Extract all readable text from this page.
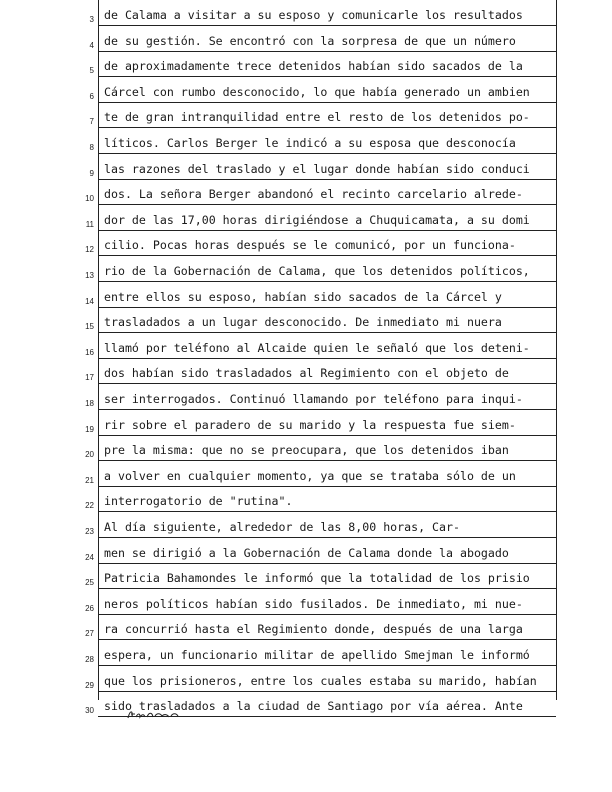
de Calama a visitar a su esposo y comunicarle los resultados
3
de su gestión. Se encontró con la sorpresa de que un número
4
de aproximadamente trece detenidos habían sido sacados de la
5
Cárcel con rumbo desconocido, lo que había generado un ambien
6
te de gran intranquilidad entre el resto de los detenidos po-
7
líticos. Carlos Berger le indicó a su esposa que desconocía
8
las razones del traslado y el lugar donde habían sido conduci
9
dos. La señora Berger abandonó el recinto carcelario alrede-
10
dor de las 17,00 horas dirigiéndose a Chuquicamata, a su domi
11
cilio. Pocas horas después se le comunicó, por un funciona-
12
rio de la Gobernación de Calama, que los detenidos políticos,
13
entre ellos su esposo, habían sido sacados de la Cárcel y
14
trasladados a un lugar desconocido. De inmediato mi nuera
15
llamó por teléfono al Alcaide quien le señaló que los deteni-
16
dos habían sido trasladados al Regimiento con el objeto de
17
ser interrogados. Continuó llamando por teléfono para inqui-
18
rir sobre el paradero de su marido y la respuesta fue siem-
19
pre la misma: que no se preocupara, que los detenidos iban
20
a volver en cualquier momento, ya que se trataba sólo de un
21
interrogatorio de "rutina".
22
Al día siguiente, alrededor de las 8,00 horas, Car-
23
men se dirigió a la Gobernación de Calama donde la abogado
24
Patricia Bahamondes le informó que la totalidad de los prisio
25
neros políticos habían sido fusilados. De inmediato, mi nue-
26
ra concurrió hasta el Regimiento donde, después de una larga
27
espera, un funcionario militar de apellido Smejman le informó
28
que los prisioneros, entre los cuales estaba su marido, habían
29
sido trasladados a la ciudad de Santiago por vía aérea. Ante
30
